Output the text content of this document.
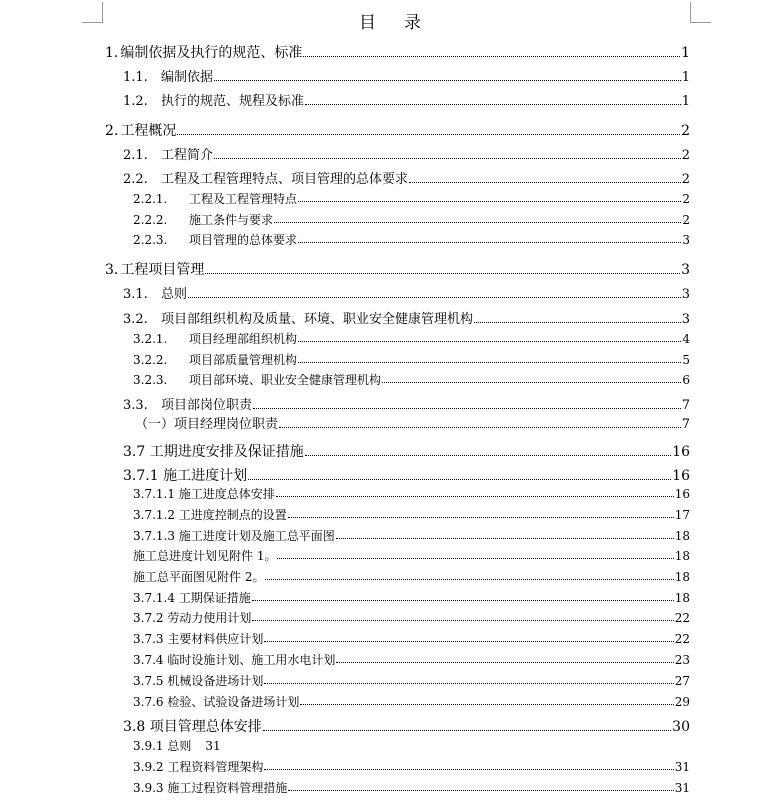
目录
1. 编制依据及执行的规范、标准	1
1.1.	编制依据	1
1.2.	执行的规范、规程及标准	1
2. 工程概况	2
2.1.	工程简介	2
2.2.	工程及工程管理特点、项目管理的总体要求	2
2.2.1.	工程及工程管理特点	2
2.2.2.	施工条件与要求	2
2.2.3.	项目管理的总体要求	3
3. 工程项目管理	3
3.1.	总则	3
3.2.	项目部组织机构及质量、环境、职业安全健康管理机构	3
3.2.1.	项目经理部组织机构	4
3.2.2.	项目部质量管理机构	5
3.2.3.	项目部环境、职业安全健康管理机构	6
3.3.	项目部岗位职责	7
（一）项目经理岗位职责	7
3.7 工期进度安排及保证措施	16
3.7.1 施工进度计划	16
3.7.1.1 施工进度总体安排	16
3.7.1.2 工进度控制点的设置	17
3.7.1.3 施工进度计划及施工总平面图	18
施工总进度计划见附件 1。	18
施工总平面图见附件 2。	18
3.7.1.4 工期保证措施	18
3.7.2 劳动力使用计划	22
3.7.3 主要材料供应计划	22
3.7.4 临时设施计划、施工用水电计划	23
3.7.5 机械设备进场计划	27
3.7.6 检验、试验设备进场计划	29
3.8 项目管理总体安排	30
3.9.1 总则 31
3.9.2 工程资料管理架构	31
3.9.3 施工过程资料管理措施	31
